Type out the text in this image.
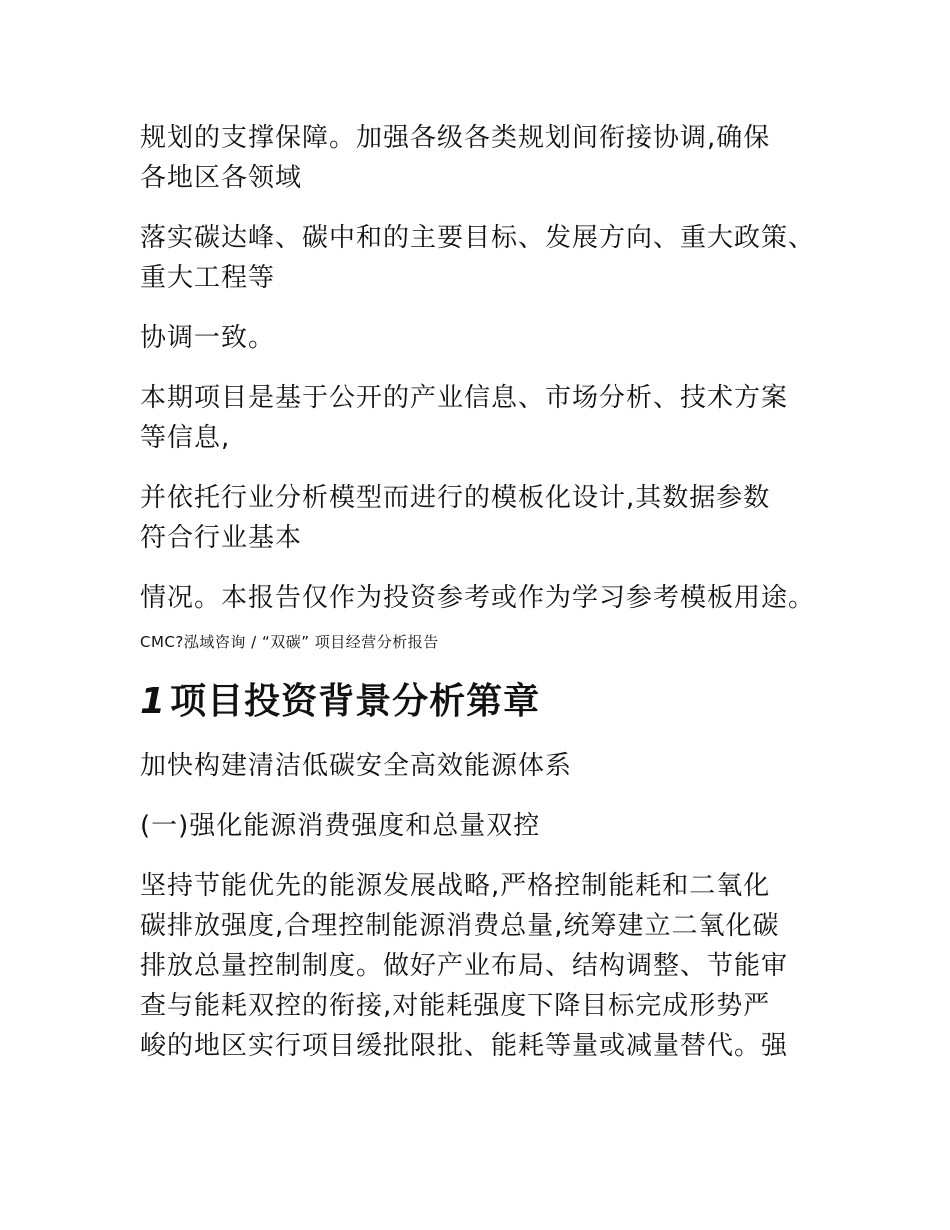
规划的支撑保障。加强各级各类规划间衔接协调,确保
各地区各领域

落实碳达峰、碳中和的主要目标、发展方向、重大政策、
重大工程等

协调一致。

本期项目是基于公开的产业信息、市场分析、技术方案
等信息,

并依托行业分析模型而进行的模板化设计,其数据参数
符合行业基本

情况。本报告仅作为投资参考或作为学习参考模板用途。

CMC?泓域咨询 / “双碳” 项目经营分析报告
1 项目投资背景分析第章

加快构建清洁低碳安全高效能源体系

(一)强化能源消费强度和总量双控

坚持节能优先的能源发展战略,严格控制能耗和二氧化
碳排放强度,合理控制能源消费总量,统筹建立二氧化碳
排放总量控制制度。做好产业布局、结构调整、节能审
查与能耗双控的衔接,对能耗强度下降目标完成形势严
峻的地区实行项目缓批限批、能耗等量或减量替代。强
